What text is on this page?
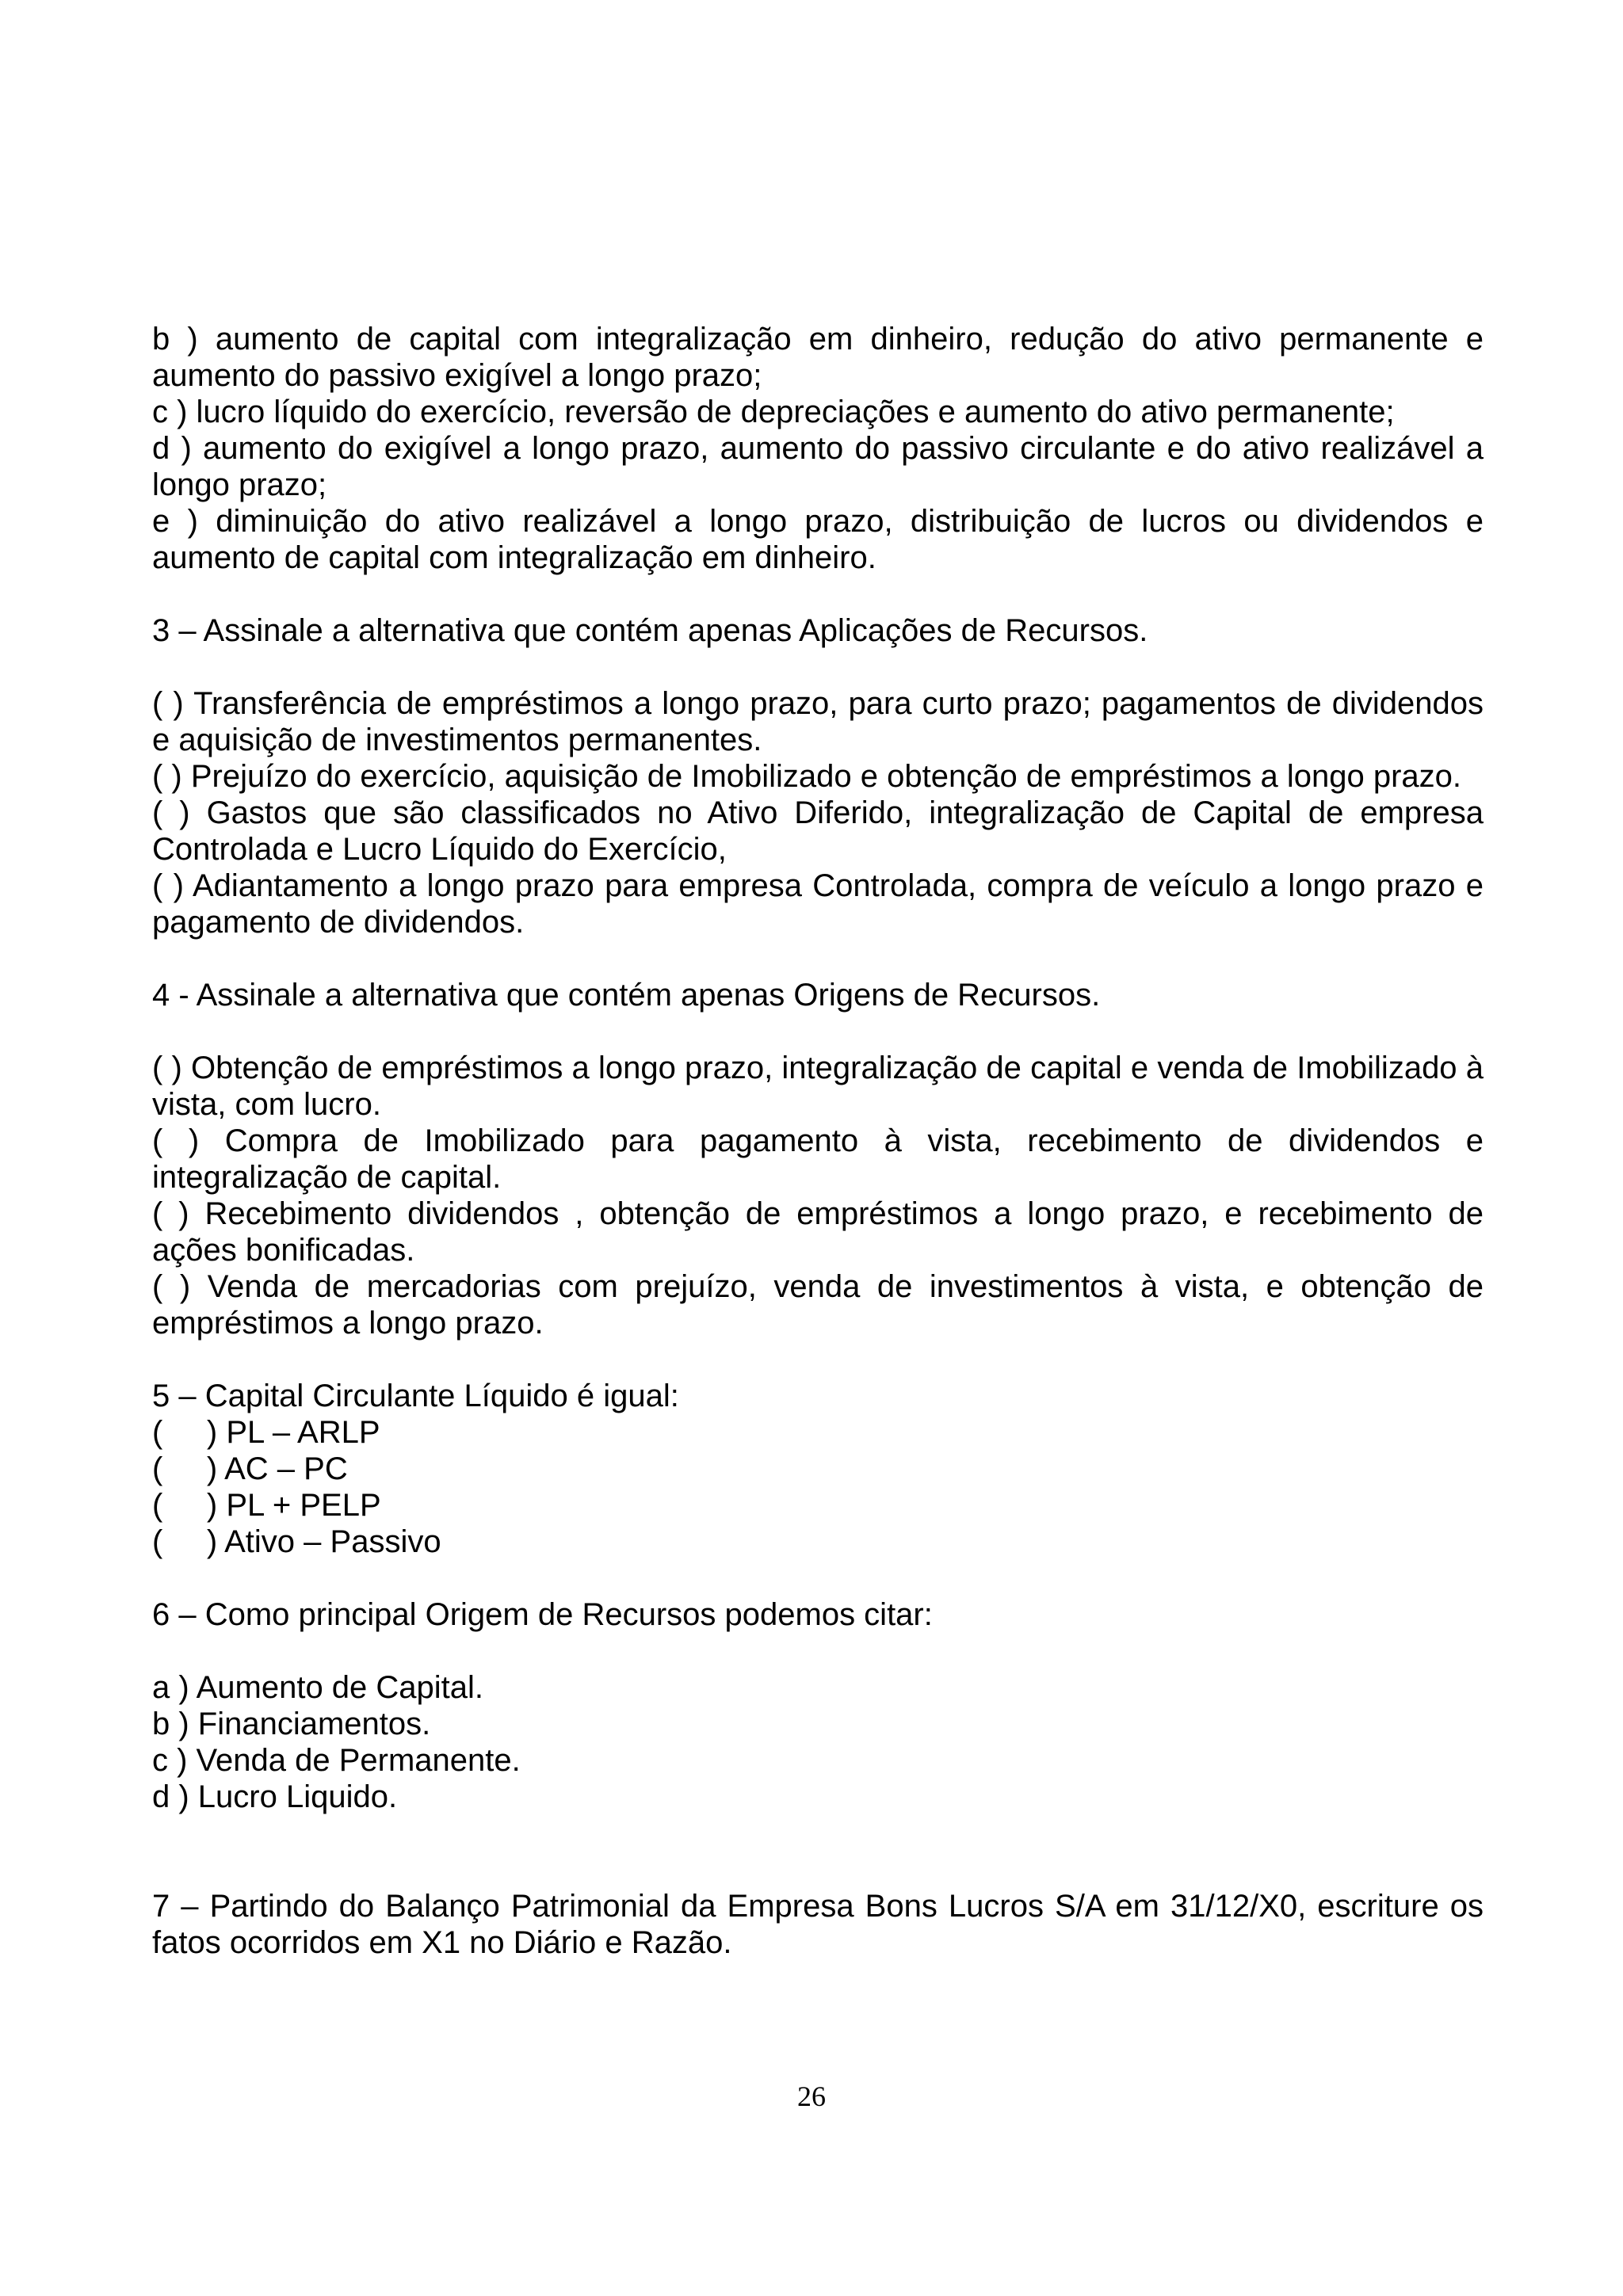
b ) aumento de capital com integralização em dinheiro, redução do ativo permanente e aumento do passivo exigível a longo prazo;

c ) lucro líquido do exercício, reversão de depreciações e aumento do ativo permanente;

d ) aumento do exigível a longo prazo, aumento do passivo circulante e do ativo realizável a longo prazo;

e ) diminuição do ativo realizável a longo prazo, distribuição de lucros ou dividendos e aumento de capital com integralização em dinheiro.

3 – Assinale a alternativa que contém apenas Aplicações de Recursos.

( ) Transferência de empréstimos a longo prazo, para curto prazo; pagamentos de dividendos e aquisição de investimentos permanentes.

( ) Prejuízo do exercício, aquisição de Imobilizado e obtenção de empréstimos a longo prazo.

( ) Gastos que são classificados no Ativo Diferido, integralização de Capital de empresa Controlada e Lucro Líquido do Exercício,

( ) Adiantamento a longo prazo para empresa Controlada, compra de veículo a longo prazo e pagamento de dividendos.

4 - Assinale a alternativa que contém apenas Origens de Recursos.

( ) Obtenção de empréstimos a longo prazo, integralização de capital e venda de Imobilizado à vista, com lucro.

( ) Compra de Imobilizado para pagamento à vista, recebimento de dividendos e integralização de capital.

( ) Recebimento dividendos , obtenção de empréstimos a longo prazo, e recebimento de ações bonificadas.

( ) Venda de mercadorias com prejuízo, venda de investimentos à vista, e obtenção de empréstimos a longo prazo.

5 – Capital Circulante Líquido é igual:

(     ) PL – ARLP

(     ) AC – PC

(     ) PL + PELP

(     ) Ativo – Passivo

6 – Como principal Origem de Recursos podemos citar:

a ) Aumento de Capital.

b ) Financiamentos.

c ) Venda de Permanente.

d ) Lucro Liquido.

7 – Partindo do Balanço Patrimonial da Empresa Bons Lucros S/A em 31/12/X0, escriture os fatos ocorridos em X1 no Diário e Razão.

26
